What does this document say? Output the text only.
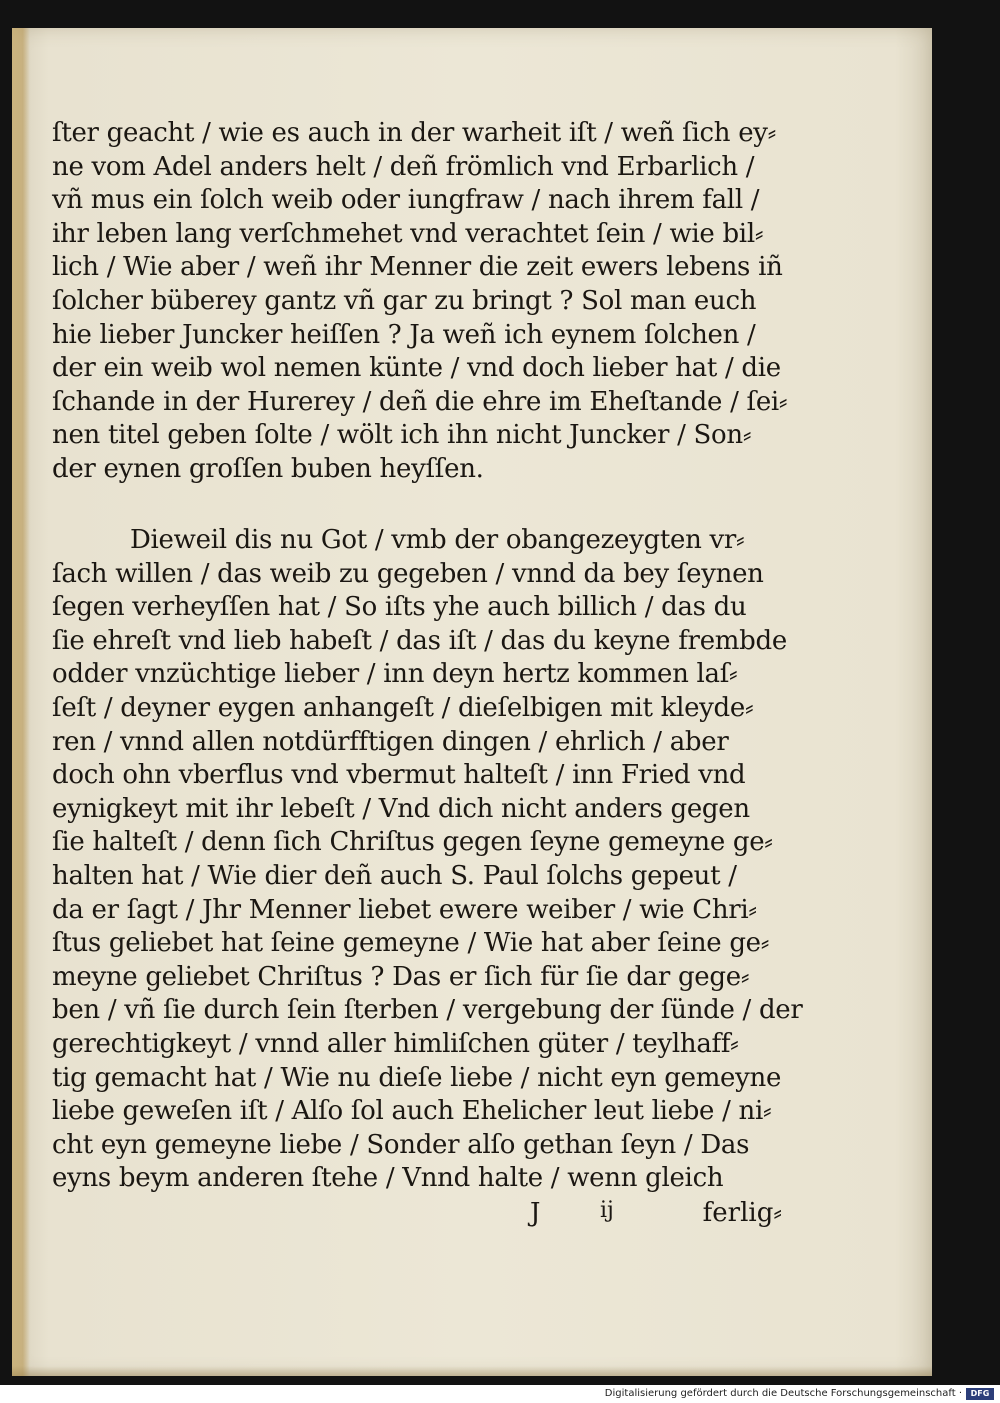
ſter geacht / wie es auch in der warheit iſt / weñ ſich ey⸗
ne vom Adel anders helt / deñ frömlich vnd Erbarlich /
vñ mus ein ſolch weib oder iungfraw / nach ihrem fall /
ihr leben lang verſchmehet vnd verachtet ſein / wie bil⸗
lich / Wie aber / weñ ihr Menner die zeit ewers lebens iñ
ſolcher büberey gantz vñ gar zu bringt ? Sol man euch
hie lieber Juncker heiſſen ? Ja weñ ich eynem ſolchen /
der ein weib wol nemen künte / vnd doch lieber hat / die
ſchande in der Hurerey / deñ die ehre im Eheſtande / ſei⸗
nen titel geben ſolte / wölt ich ihn nicht Juncker / Son⸗
der eynen groſſen buben heyſſen.
Dieweil dis nu Got / vmb der obangezeygten vr⸗
ſach willen / das weib zu gegeben / vnnd da bey ſeynen
ſegen verheyſſen hat / So iſts yhe auch billich / das du
ſie ehreſt vnd lieb habeſt / das iſt / das du keyne frembde
odder vnzüchtige lieber / inn deyn hertz kommen laſ⸗
ſeſt / deyner eygen anhangeſt / dieſelbigen mit kleyde⸗
ren / vnnd allen notdürfftigen dingen / ehrlich / aber
doch ohn vberflus vnd vbermut halteſt / inn Fried vnd
eynigkeyt mit ihr lebeſt / Vnd dich nicht anders gegen
ſie halteſt / denn ſich Chriſtus gegen ſeyne gemeyne ge⸗
halten hat / Wie dier deñ auch S. Paul ſolchs gepeut /
da er ſagt / Jhr Menner liebet ewere weiber / wie Chri⸗
ſtus geliebet hat ſeine gemeyne / Wie hat aber ſeine ge⸗
meyne geliebet Chriſtus ? Das er ſich für ſie dar gege⸗
ben / vñ ſie durch ſein ſterben / vergebung der ſünde / der
gerechtigkeyt / vnnd aller himliſchen güter / teylhaff⸗
tig gemacht hat / Wie nu dieſe liebe / nicht eyn gemeyne
liebe geweſen iſt / Alſo ſol auch Ehelicher leut liebe / ni⸗
cht eyn gemeyne liebe / Sonder alſo gethan ſeyn / Das
eyns beym anderen ſtehe / Vnnd halte / wenn gleich
J	ij	ferlig⸗
Digitalisierung gefördert durch die Deutsche Forschungsgemeinschaft ·	DFG
